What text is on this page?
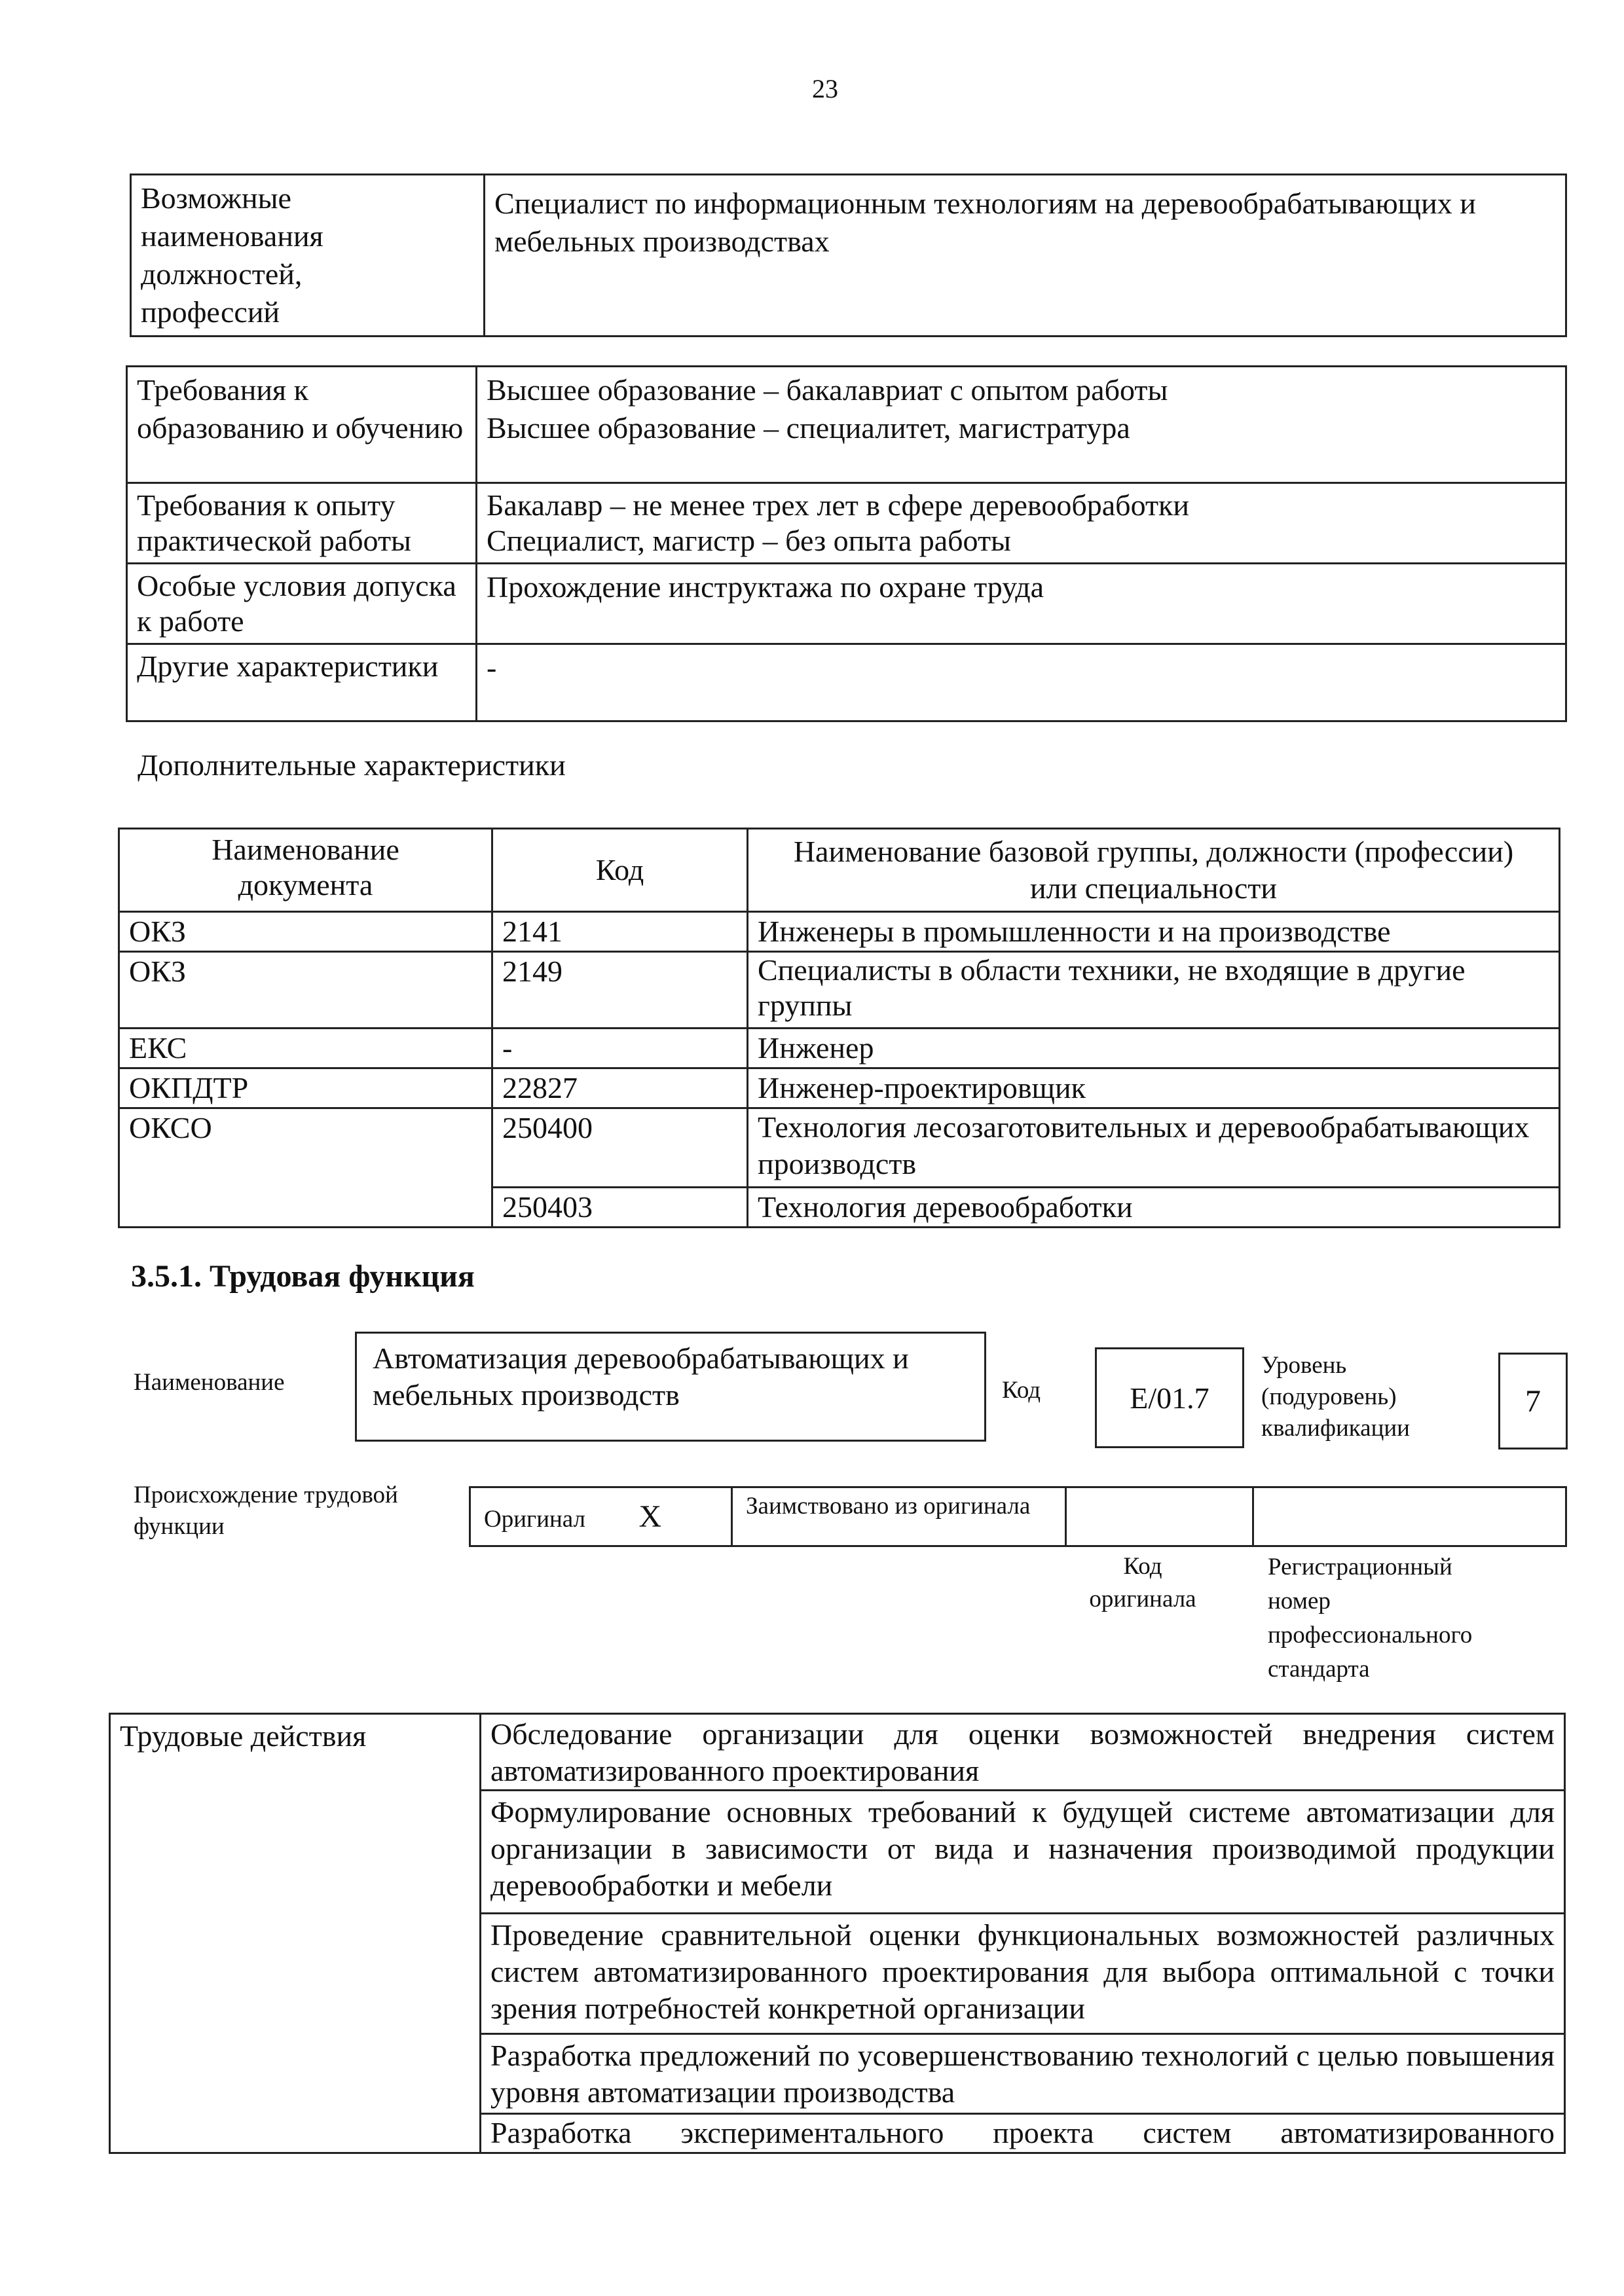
23
Возможные наименования должностей, профессий	Специалист по информационным технологиям на деревообрабатывающих и мебельных производствах
Требования к образованию и обучению	Высшее образование – бакалавриат с опытом работы
Высшее образование – специалитет, магистратура

Требования к опыту практической работы	Бакалавр – не менее трех лет в сфере деревообработки
Специалист, магистр – без опыта работы

Особые условия допуска к работе	Прохождение инструктажа по охране труда

Другие характеристики	-
Дополнительные характеристики
Наименование документа	Код	Наименование базовой группы, должности (профессии) или специальности
ОКЗ	2141	Инженеры в промышленности и на производстве
ОКЗ	2149	Специалисты в области техники, не входящие в другие группы
ЕКС	-	Инженер
ОКПДТР	22827	Инженер-проектировщик
ОКСО	250400	Технология лесозаготовительных и деревообрабатывающих производств
	250403	Технология деревообработки
3.5.1. Трудовая функция
Наименование
Автоматизация деревообрабатывающих и мебельных производств	Код	E/01.7
Уровень (подуровень) квалификации
7
Происхождение трудовой функции	Оригинал X	Заимствовано из оригинала		
Код оригинала
Регистрационный номер профессионального стандарта
Трудовые действия	Обследование организации для оценки возможностей внедрения систем автоматизированного проектирования
Формулирование основных требований к будущей системе автоматизации для организации в зависимости от вида и назначения производимой продукции деревообработки и мебели
Проведение сравнительной оценки функциональных возможностей различных систем автоматизированного проектирования для выбора оптимальной с точки зрения потребностей конкретной организации
Разработка предложений по усовершенствованию технологий с целью повышения уровня автоматизации производства
Разработка экспериментального проекта систем автоматизированного
